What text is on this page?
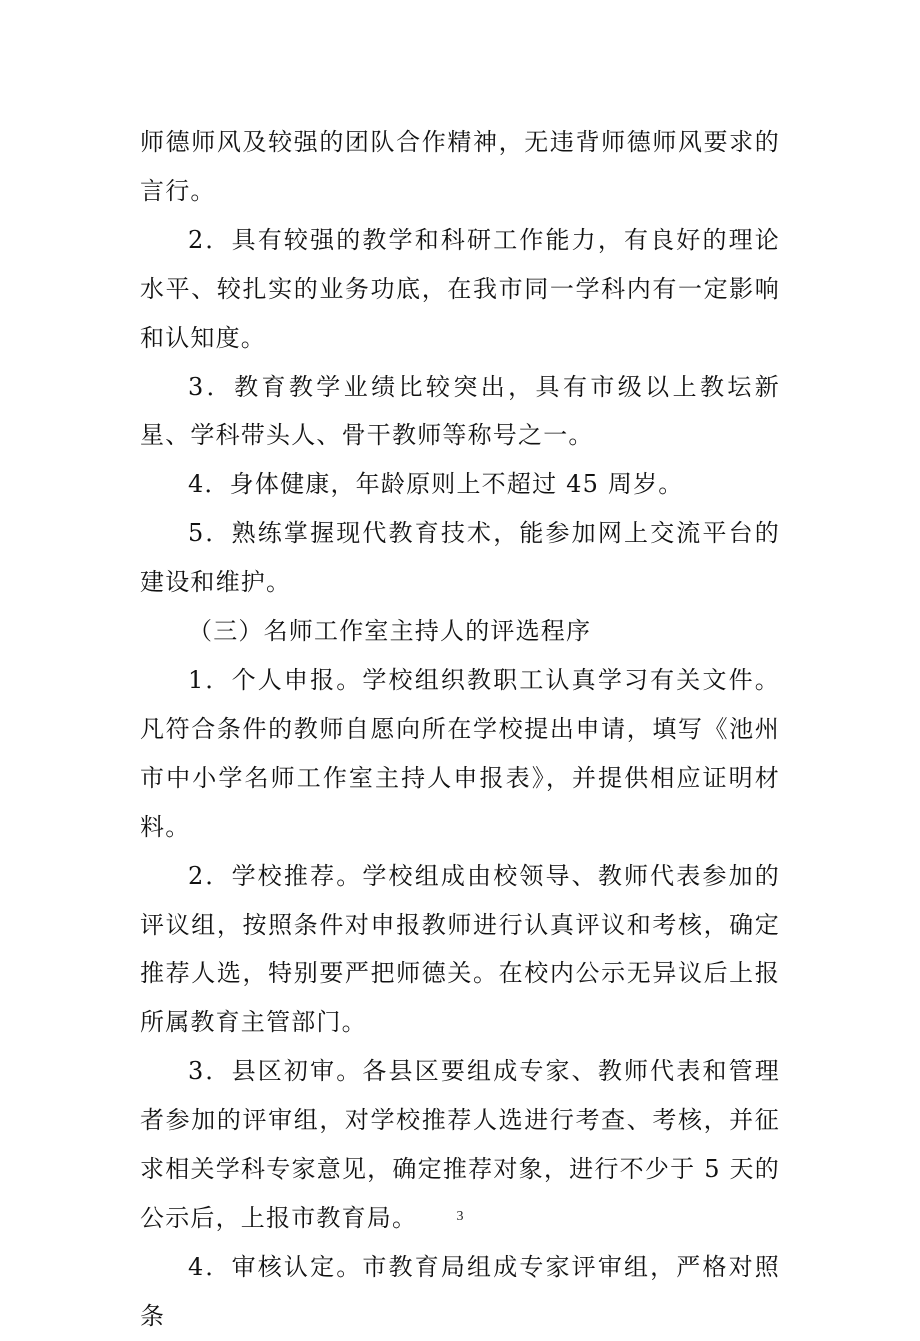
师德师风及较强的团队合作精神，无违背师德师风要求的言行。

2．具有较强的教学和科研工作能力，有良好的理论水平、较扎实的业务功底，在我市同一学科内有一定影响和认知度。

3．教育教学业绩比较突出，具有市级以上教坛新星、学科带头人、骨干教师等称号之一。

4．身体健康，年龄原则上不超过 45 周岁。

5．熟练掌握现代教育技术，能参加网上交流平台的建设和维护。

（三）名师工作室主持人的评选程序

1．个人申报。学校组织教职工认真学习有关文件。凡符合条件的教师自愿向所在学校提出申请，填写《池州市中小学名师工作室主持人申报表》，并提供相应证明材料。

2．学校推荐。学校组成由校领导、教师代表参加的评议组，按照条件对申报教师进行认真评议和考核，确定推荐人选，特别要严把师德关。在校内公示无异议后上报所属教育主管部门。

3．县区初审。各县区要组成专家、教师代表和管理者参加的评审组，对学校推荐人选进行考查、考核，并征求相关学科专家意见，确定推荐对象，进行不少于 5 天的公示后，上报市教育局。

4．审核认定。市教育局组成专家评审组，严格对照条

3
